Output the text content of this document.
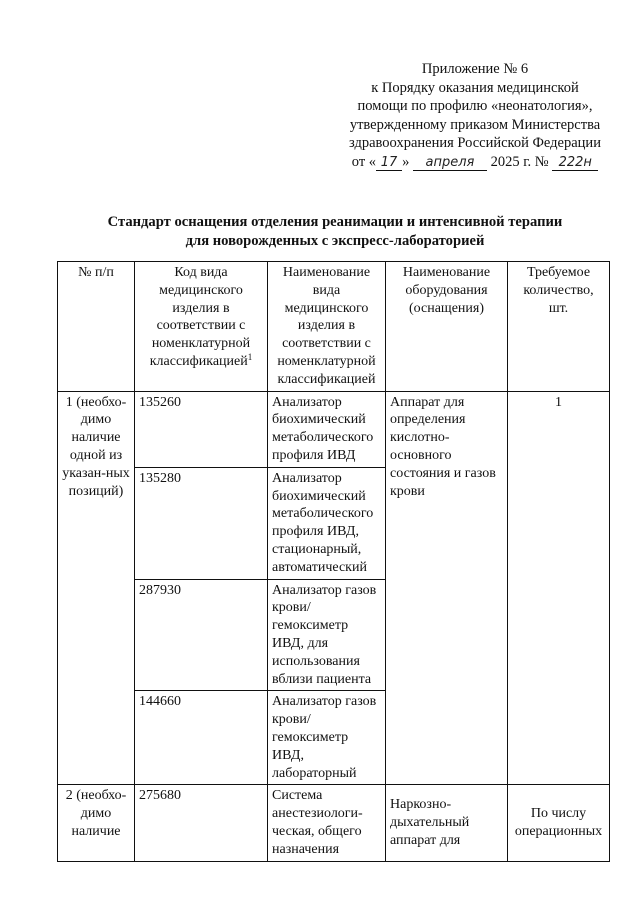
Приложение № 6
к Порядку оказания медицинской
помощи по профилю «неонатология»,
утвержденному приказом Министерства
здравоохранения Российской Федерации
от « 17 » апреля 2025 г. № 222н
Стандарт оснащения отделения реанимации и интенсивной терапии
для новорожденных с экспресс-лабораторией
№ п/п	Код вида медицинского изделия в соответствии с номенклатурной классификацией$^1$	Наименование вида медицинского изделия в соответствии с номенклатурной классификацией	Наименование оборудования (оснащения)	Требуемое количество, шт.
1 (необхо-димо наличие одной из указан-ных позиций)	135260	Анализатор биохимический метаболического профиля ИВД	Аппарат для определения кислотно-основного состояния и газов крови	1
	135280	Анализатор биохимический метаболического профиля ИВД, стационарный, автоматический		
	287930	Анализатор газов крови/ гемоксиметр ИВД, для использования вблизи пациента		
	144660	Анализатор газов крови/ гемоксиметр ИВД, лабораторный		
2 (необхо-димо наличие	275680	Система анестезиологи-ческая, общего назначения	Наркозно-дыхательный аппарат для	По числу операционных
